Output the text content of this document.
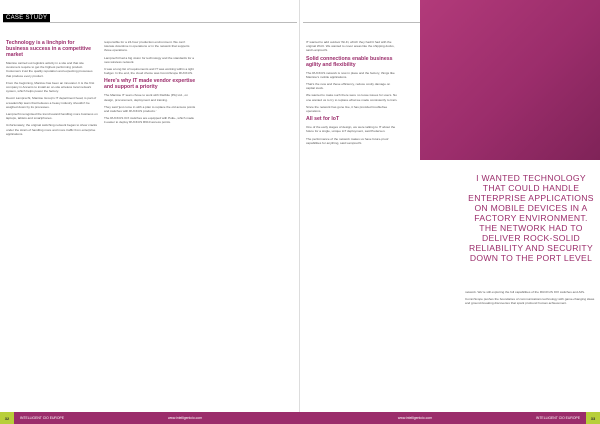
CASE STUDY
Technology is a linchpin for business success in a competitive market

Manitou carried out logistics activity in a site and that site customers require to get the highest performing product. Customers trust the quality reputation and expecting processes that produce every product.

From the beginning, Manitou has been an innovator. It is the first company in Ancenis to install an on-site wireless local network system, which helps power the factory.

Devoir Lamprecht, Manitou Group's IT department head, is part of a leadership team that believes a heavy industry shouldn't be weighed down by its processes.

Lamprecht recognised the trend toward handling more business on laptops, tablets and smartphones.

Unfortunately, the original switching network began to show cracks under the strain of handling more and more traffic from enterprise applications.

responsible for a 24-hour production environment. We can't tolerate downtime in operations or in the network that supports those operations.

Lamprecht had a big vision for technology and the standards for a new wireless network.

It was a long list of requirements and IT was working within a tight budget. In the end, the cloud choice was CommScope RUCKUS.

Here's why IT made vendor expertise and support a priority

The Manitou IT team chose to work with Dielbite (PA) Ltd., on design, procurement, deployment and training.

They said 'just come in with a plan to replace the old access points and switches with RUCKUS products.'

The RUCKUS ICX switches are equipped with PoE+, which made it easier to deploy RUCKUS R610 access points.

32	INTELLIGENT CIO EUROPE	www.intelligentcio.com

IT wanted to add outdoor Wi-Fi, which they hadn't had with the original Wi-Fi. We wanted to cover areas like the shipping docks, said Lamprecht.

Solid connections enable business agility and flexibility

The RUCKUS network is now in place and the factory, things like Manitou's mobile applications.

That's the new and these efficiency, reduce costly damage on capital stock.

We wanted to make such there were no loose issues for users. No one wanted us to try to replace what we made consistently to train.

Since the network has gone live, it has provided troublefree operations.

All set for IoT

One of the early stages of design, we were talking to IT about the future for a single, unique IoT deployment, said Pedersen.

The performance of the network makes us have future-proof capabilities for anything, said Lamprecht.

I WANTED TECHNOLOGY THAT COULD HANDLE ENTERPRISE APPLICATIONS ON MOBILE DEVICES IN A FACTORY ENVIRONMENT. THE NETWORK HAD TO DELIVER ROCK-SOLID RELIABILITY AND SECURITY DOWN TO THE PORT LEVEL

network. We're still exploring the full capabilities of the RUCKUS IOX switches and APs.

CommScope pushes the boundaries of communications technology with game-changing ideas and ground-breaking discoveries that spark profound human achievement.

www.intelligentcio.com	INTELLIGENT CIO EUROPE	33
